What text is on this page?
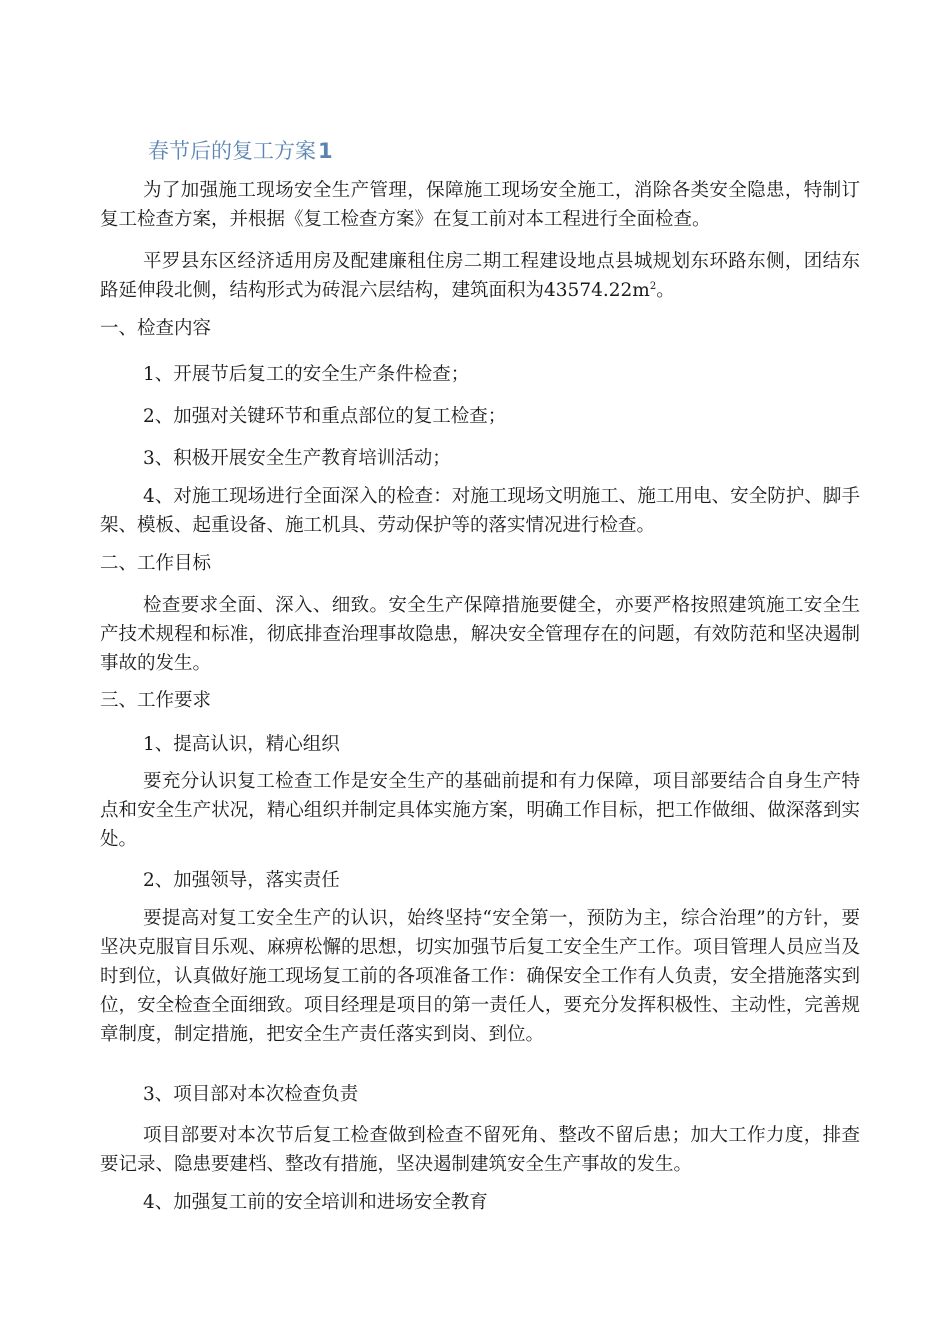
春节后的复工方案1

为了加强施工现场安全生产管理，保障施工现场安全施工，消除各类安全隐患，特制订复工检查方案，并根据《复工检查方案》在复工前对本工程进行全面检查。

平罗县东区经济适用房及配建廉租住房二期工程建设地点县城规划东环路东侧，团结东路延伸段北侧，结构形式为砖混六层结构，建筑面积为$43574.22m^2$。

一、检查内容

1、开展节后复工的安全生产条件检查；

2、加强对关键环节和重点部位的复工检查；

3、积极开展安全生产教育培训活动；

4、对施工现场进行全面深入的检查：对施工现场文明施工、施工用电、安全防护、脚手架、模板、起重设备、施工机具、劳动保护等的落实情况进行检查。

二、工作目标

检查要求全面、深入、细致。安全生产保障措施要健全，亦要严格按照建筑施工安全生产技术规程和标准，彻底排查治理事故隐患，解决安全管理存在的问题，有效防范和坚决遏制事故的发生。

三、工作要求

1、提高认识，精心组织

要充分认识复工检查工作是安全生产的基础前提和有力保障，项目部要结合自身生产特点和安全生产状况，精心组织并制定具体实施方案，明确工作目标，把工作做细、做深落到实处。

2、加强领导，落实责任

要提高对复工安全生产的认识，始终坚持“安全第一，预防为主，综合治理”的方针，要坚决克服盲目乐观、麻痹松懈的思想，切实加强节后复工安全生产工作。项目管理人员应当及时到位，认真做好施工现场复工前的各项准备工作：确保安全工作有人负责，安全措施落实到位，安全检查全面细致。项目经理是项目的第一责任人，要充分发挥积极性、主动性，完善规章制度，制定措施，把安全生产责任落实到岗、到位。

3、项目部对本次检查负责

项目部要对本次节后复工检查做到检查不留死角、整改不留后患；加大工作力度，排查要记录、隐患要建档、整改有措施，坚决遏制建筑安全生产事故的发生。

4、加强复工前的安全培训和进场安全教育
